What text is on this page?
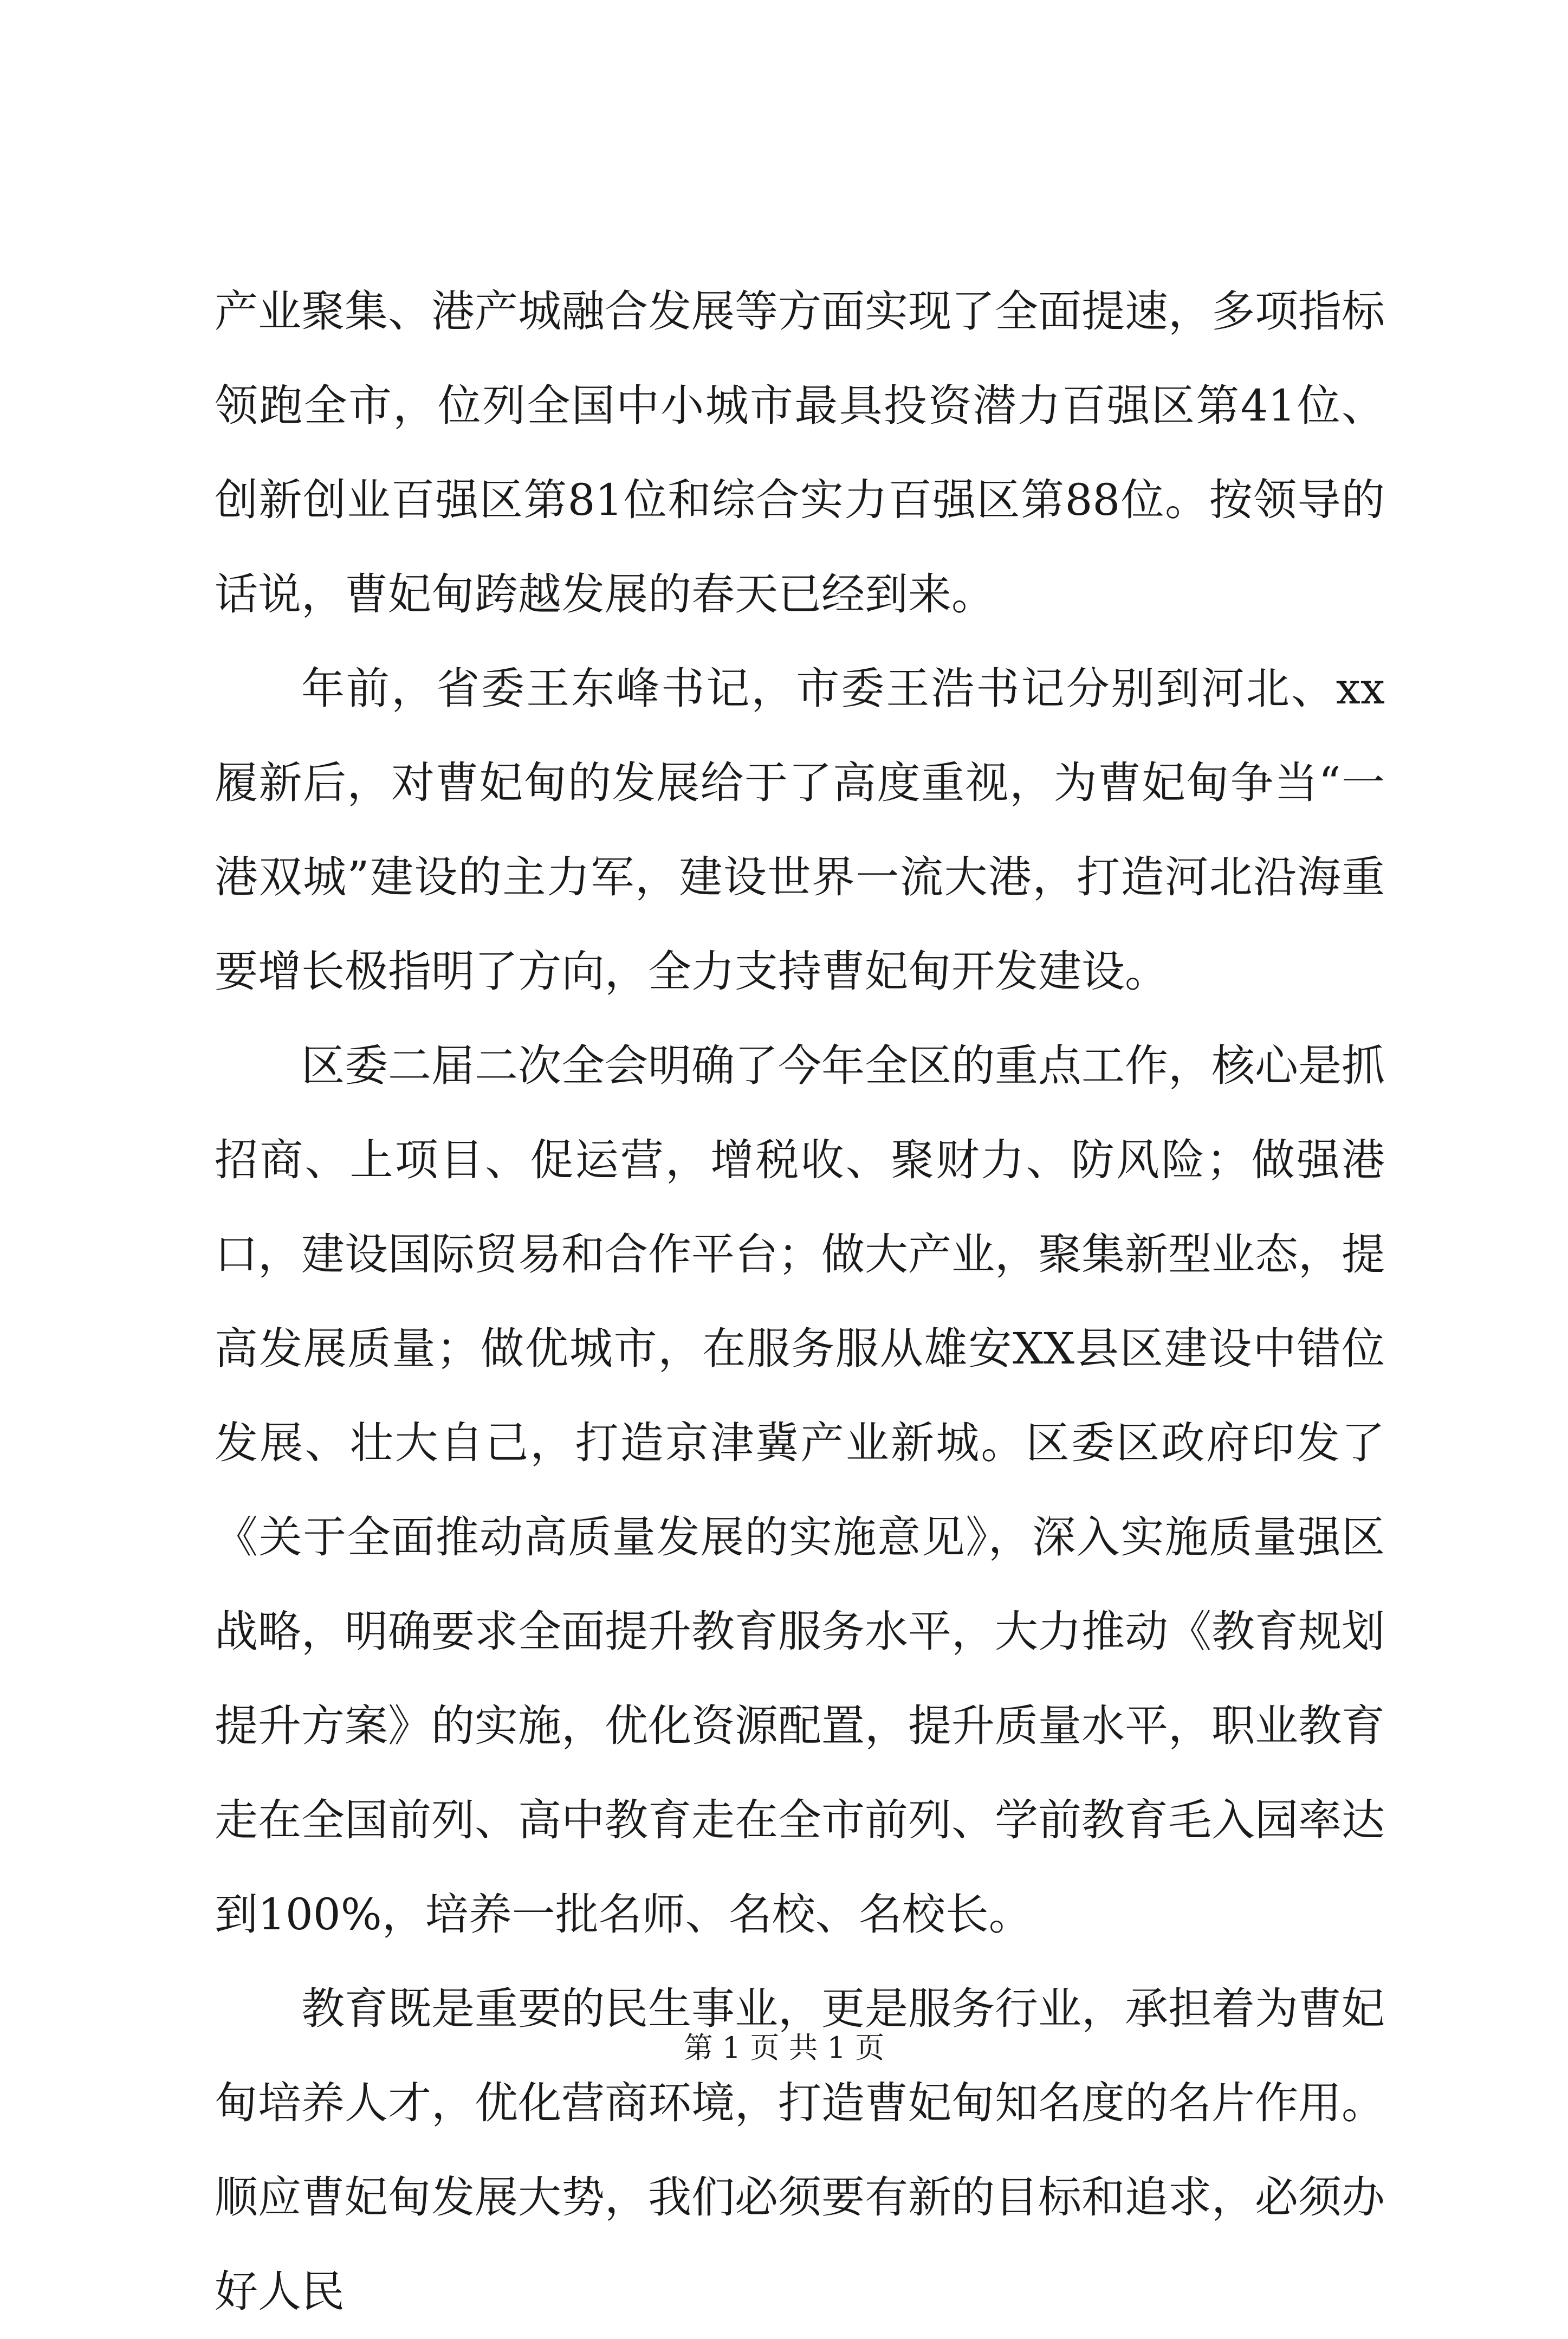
产业聚集、港产城融合发展等方面实现了全面提速，多项指标领跑全市，位列全国中小城市最具投资潜力百强区第41位、创新创业百强区第81位和综合实力百强区第88位。按领导的话说，曹妃甸跨越发展的春天已经到来。

年前，省委王东峰书记，市委王浩书记分别到河北、xx履新后，对曹妃甸的发展给于了高度重视，为曹妃甸争当“一港双城”建设的主力军，建设世界一流大港，打造河北沿海重要增长极指明了方向，全力支持曹妃甸开发建设。

区委二届二次全会明确了今年全区的重点工作，核心是抓招商、上项目、促运营，增税收、聚财力、防风险；做强港口，建设国际贸易和合作平台；做大产业，聚集新型业态，提高发展质量；做优城市，在服务服从雄安XX县区建设中错位发展、壮大自己，打造京津冀产业新城。区委区政府印发了《关于全面推动高质量发展的实施意见》，深入实施质量强区战略，明确要求全面提升教育服务水平，大力推动《教育规划提升方案》的实施，优化资源配置，提升质量水平，职业教育走在全国前列、高中教育走在全市前列、学前教育毛入园率达到100%，培养一批名师、名校、名校长。

教育既是重要的民生事业，更是服务行业，承担着为曹妃甸培养人才，优化营商环境，打造曹妃甸知名度的名片作用。顺应曹妃甸发展大势，我们必须要有新的目标和追求，必须办好人民

第 1 页 共 1 页
